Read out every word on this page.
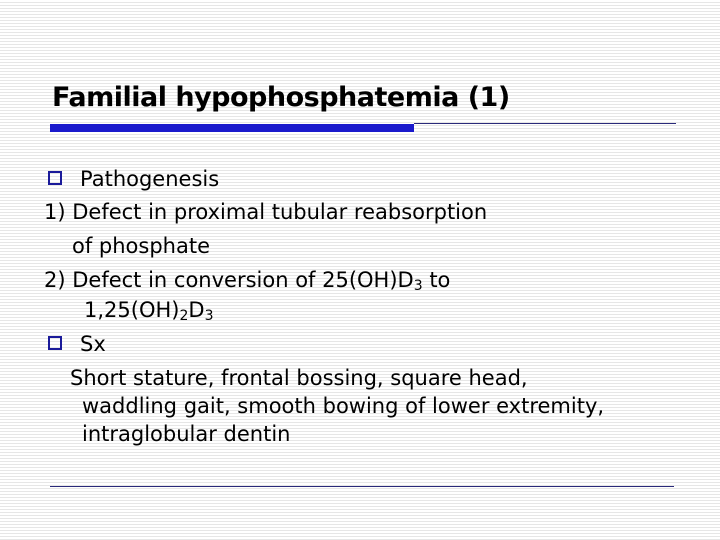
Familial hypophosphatemia (1)
Pathogenesis
1) Defect in proximal tubular reabsorption
of phosphate
2) Defect in conversion of $25(OH)D_3$ to
$1,25(OH)_2D_3$
Sx
Short stature, frontal bossing, square head,
waddling gait, smooth bowing of lower extremity,
intraglobular dentin
